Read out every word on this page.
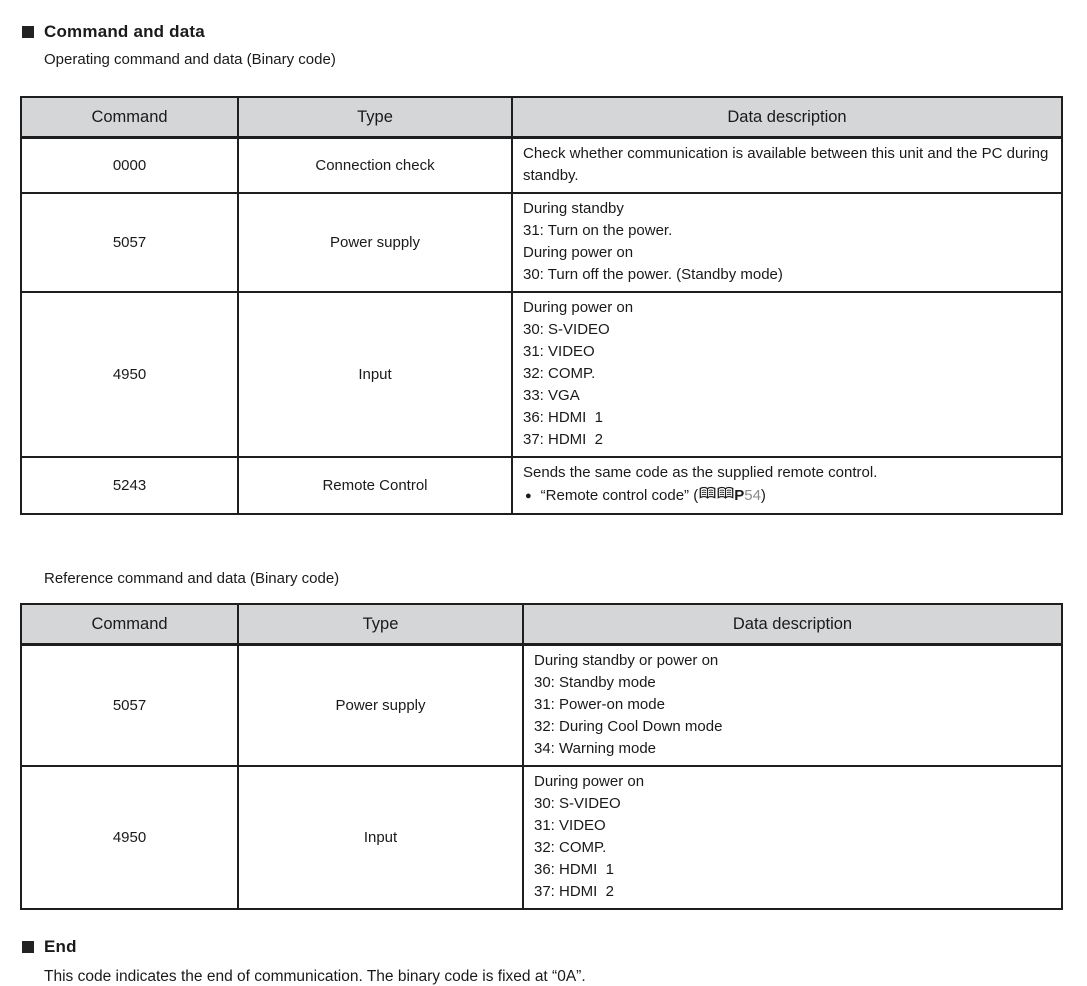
Command and data
Operating command and data (Binary code)
Command	Type	Data description
0000	Connection check	Check whether communication is available between this unit and the PC during standby.

5057	Power supply	During standby
31: Turn on the power.
During power on
30: Turn off the power. (Standby mode)

4950	Input	
During power on
30: S-VIDEO
31: VIDEO
32: COMP.
33: VGA
36: HDMI  1
37: HDMI  2

5243	Remote Control	
Sends the same code as the supplied remote control.
● “Remote control code” ( P 54 )
Reference command and data (Binary code)
Command	Type	Data description
5057	Power supply	During standby or power on
30: Standby mode
31: Power-on mode
32: During Cool Down mode
34: Warning mode

4950	Input	
During power on
30: S-VIDEO
31: VIDEO
32: COMP.
36: HDMI  1
37: HDMI  2
End
This code indicates the end of communication. The binary code is fixed at “0A”.
